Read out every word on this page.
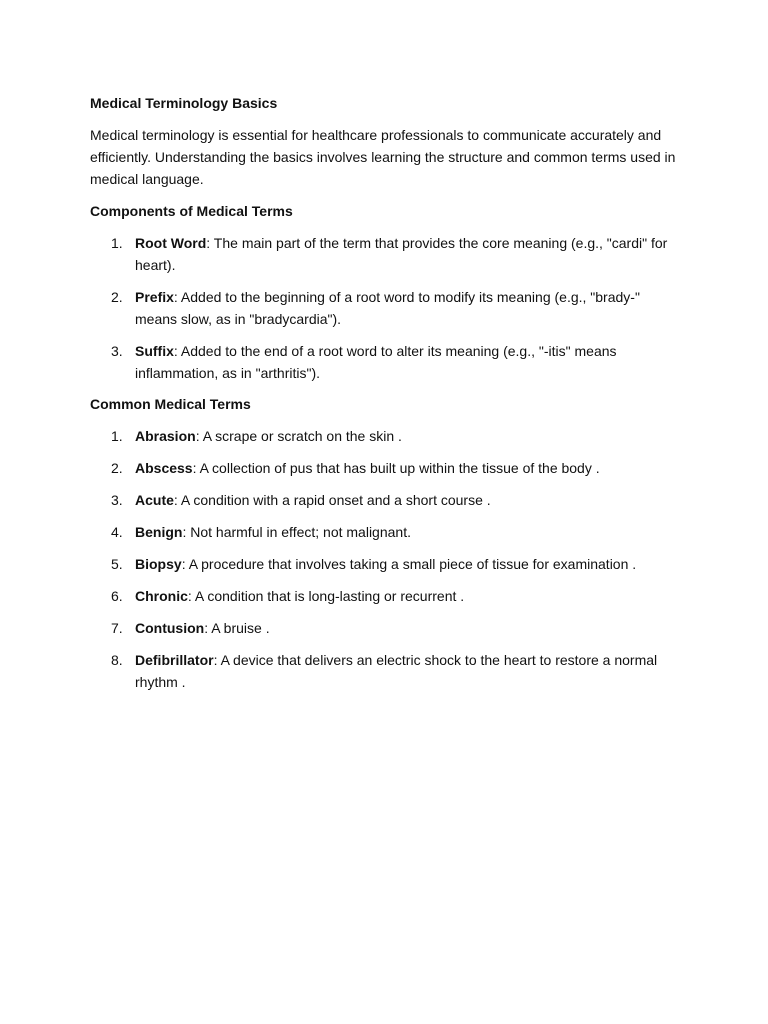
Medical Terminology Basics

Medical terminology is essential for healthcare professionals to communicate accurately and efficiently. Understanding the basics involves learning the structure and common terms used in medical language.

Components of Medical Terms
1. Root Word: The main part of the term that provides the core meaning (e.g., "cardi" for heart).
2. Prefix: Added to the beginning of a root word to modify its meaning (e.g., "brady-" means slow, as in "bradycardia").
3. Suffix: Added to the end of a root word to alter its meaning (e.g., "-itis" means inflammation, as in "arthritis").
Common Medical Terms
1. Abrasion: A scrape or scratch on the skin .
2. Abscess: A collection of pus that has built up within the tissue of the body .
3. Acute: A condition with a rapid onset and a short course .
4. Benign: Not harmful in effect; not malignant.
5. Biopsy: A procedure that involves taking a small piece of tissue for examination .
6. Chronic: A condition that is long-lasting or recurrent .
7. Contusion: A bruise .
8. Defibrillator: A device that delivers an electric shock to the heart to restore a normal rhythm .
